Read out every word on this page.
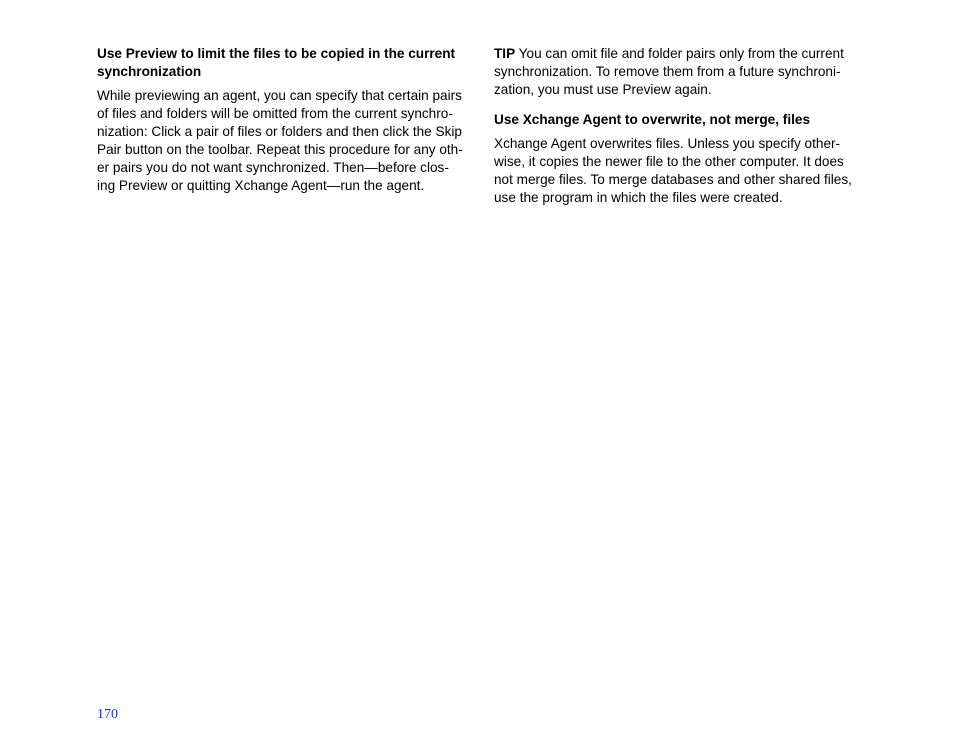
Use Preview to limit the files to be copied in the current
synchronization
While previewing an agent, you can specify that certain pairs
of files and folders will be omitted from the current synchro-
nization: Click a pair of files or folders and then click the Skip
Pair button on the toolbar. Repeat this procedure for any oth-
er pairs you do not want synchronized. Then—before clos-
ing Preview or quitting Xchange Agent—run the agent.
TIP You can omit file and folder pairs only from the current
synchronization. To remove them from a future synchroni-
zation, you must use Preview again.
Use Xchange Agent to overwrite, not merge, files
Xchange Agent overwrites files. Unless you specify other-
wise, it copies the newer file to the other computer. It does
not merge files. To merge databases and other shared files,
use the program in which the files were created.
170
